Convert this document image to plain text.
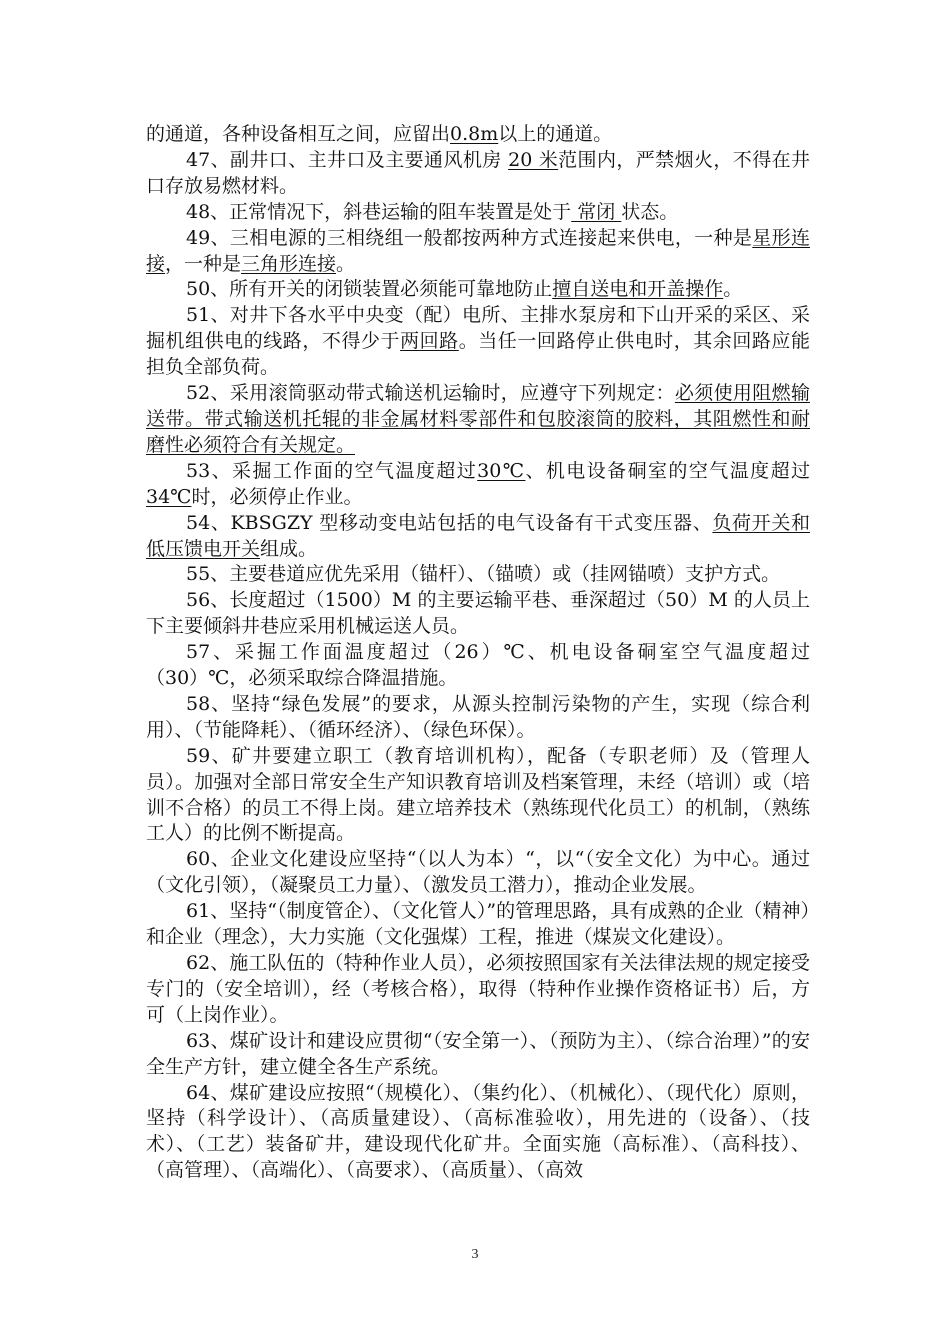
的通道，各种设备相互之间，应留出0.8m以上的通道。

47、副井口、主井口及主要通风机房 20 米范围内，严禁烟火，不得在井口存放易燃材料。

48、正常情况下，斜巷运输的阻车装置是处于 常闭 状态。

49、三相电源的三相绕组一般都按两种方式连接起来供电，一种是星形连接，一种是三角形连接。

50、所有开关的闭锁装置必须能可靠地防止擅自送电和开盖操作。

51、对井下各水平中央变（配）电所、主排水泵房和下山开采的采区、采掘机组供电的线路，不得少于两回路。当任一回路停止供电时，其余回路应能担负全部负荷。

52、采用滚筒驱动带式输送机运输时，应遵守下列规定：必须使用阻燃输送带。带式输送机托辊的非金属材料零部件和包胶滚筒的胶料，其阻燃性和耐磨性必须符合有关规定。

53、采掘工作面的空气温度超过30℃、机电设备硐室的空气温度超过 34℃时，必须停止作业。

54、KBSGZY 型移动变电站包括的电气设备有干式变压器、负荷开关和低压馈电开关组成。

55、主要巷道应优先采用（锚杆）、（锚喷）或（挂网锚喷）支护方式。

56、长度超过（1500）M 的主要运输平巷、垂深超过（50）M 的人员上下主要倾斜井巷应采用机械运送人员。

57、采掘工作面温度超过（26）℃、机电设备硐室空气温度超过（30）℃，必须采取综合降温措施。

58、坚持“绿色发展”的要求，从源头控制污染物的产生，实现（综合利用）、（节能降耗）、（循环经济）、（绿色环保）。

59、矿井要建立职工（教育培训机构），配备（专职老师）及（管理人员）。加强对全部日常安全生产知识教育培训及档案管理，未经（培训）或（培训不合格）的员工不得上岗。建立培养技术（熟练现代化员工）的机制，（熟练工人）的比例不断提高。

60、企业文化建设应坚持“（以人为本）“，以“（安全文化）为中心。通过（文化引领），（凝聚员工力量）、（激发员工潜力），推动企业发展。

61、坚持“（制度管企）、（文化管人）”的管理思路，具有成熟的企业（精神）和企业（理念），大力实施（文化强煤）工程，推进（煤炭文化建设）。

62、施工队伍的（特种作业人员），必须按照国家有关法律法规的规定接受专门的（安全培训），经（考核合格），取得（特种作业操作资格证书）后，方可（上岗作业）。

63、煤矿设计和建设应贯彻“（安全第一）、（预防为主）、（综合治理）”的安全生产方针，建立健全各生产系统。

64、煤矿建设应按照“（规模化）、（集约化）、（机械化）、（现代化）原则，坚持（科学设计）、（高质量建设）、（高标准验收），用先进的（设备）、（技术）、（工艺）装备矿井，建设现代化矿井。全面实施（高标准）、（高科技）、（高管理）、（高端化）、（高要求）、（高质量）、（高效

3
